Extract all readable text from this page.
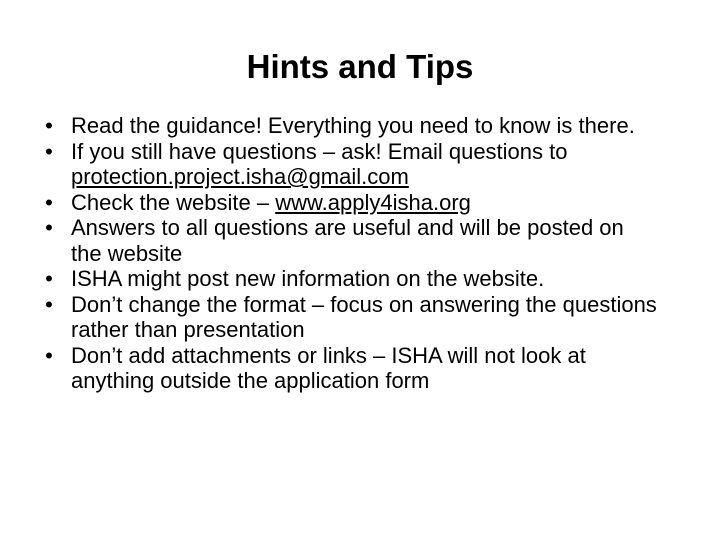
Hints and Tips
• Read the guidance! Everything you need to know is there.
• If you still have questions – ask! Email questions to protection.project.isha@gmail.com
• Check the website – www.apply4isha.org
• Answers to all questions are useful and will be posted on the website
• ISHA might post new information on the website.
• Don’t change the format – focus on answering the questions rather than presentation
• Don’t add attachments or links – ISHA will not look at anything outside the application form
